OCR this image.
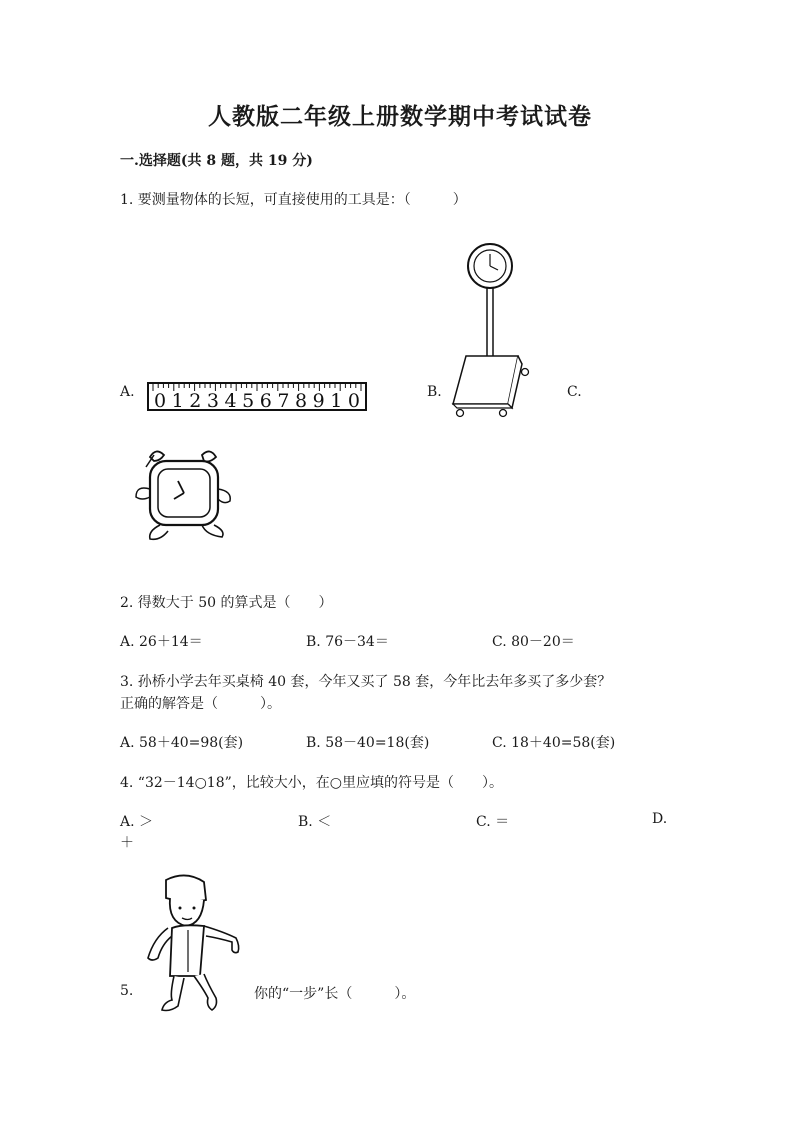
人教版二年级上册数学期中考试试卷
一.选择题(共 8 题，共 19 分)
1. 要测量物体的长短，可直接使用的工具是：（　　　）
A. 012345678910	B.	C.
2. 得数大于 50 的算式是（　　）
A. 26＋14＝	B. 76－34＝	C. 80－20＝
3. 孙桥小学去年买桌椅 40 套，今年又买了 58 套，今年比去年多买了多少套？
正确的解答是（　　　）。
A. 58＋40=98(套)	B. 58－40=18(套)	C. 18＋40=58(套)
4. “32－14○18”，比较大小，在○里应填的符号是（　　）。
A. ＞	B. ＜	C. ＝	D.
＋
5.	你的“一步”长（　　　）。
